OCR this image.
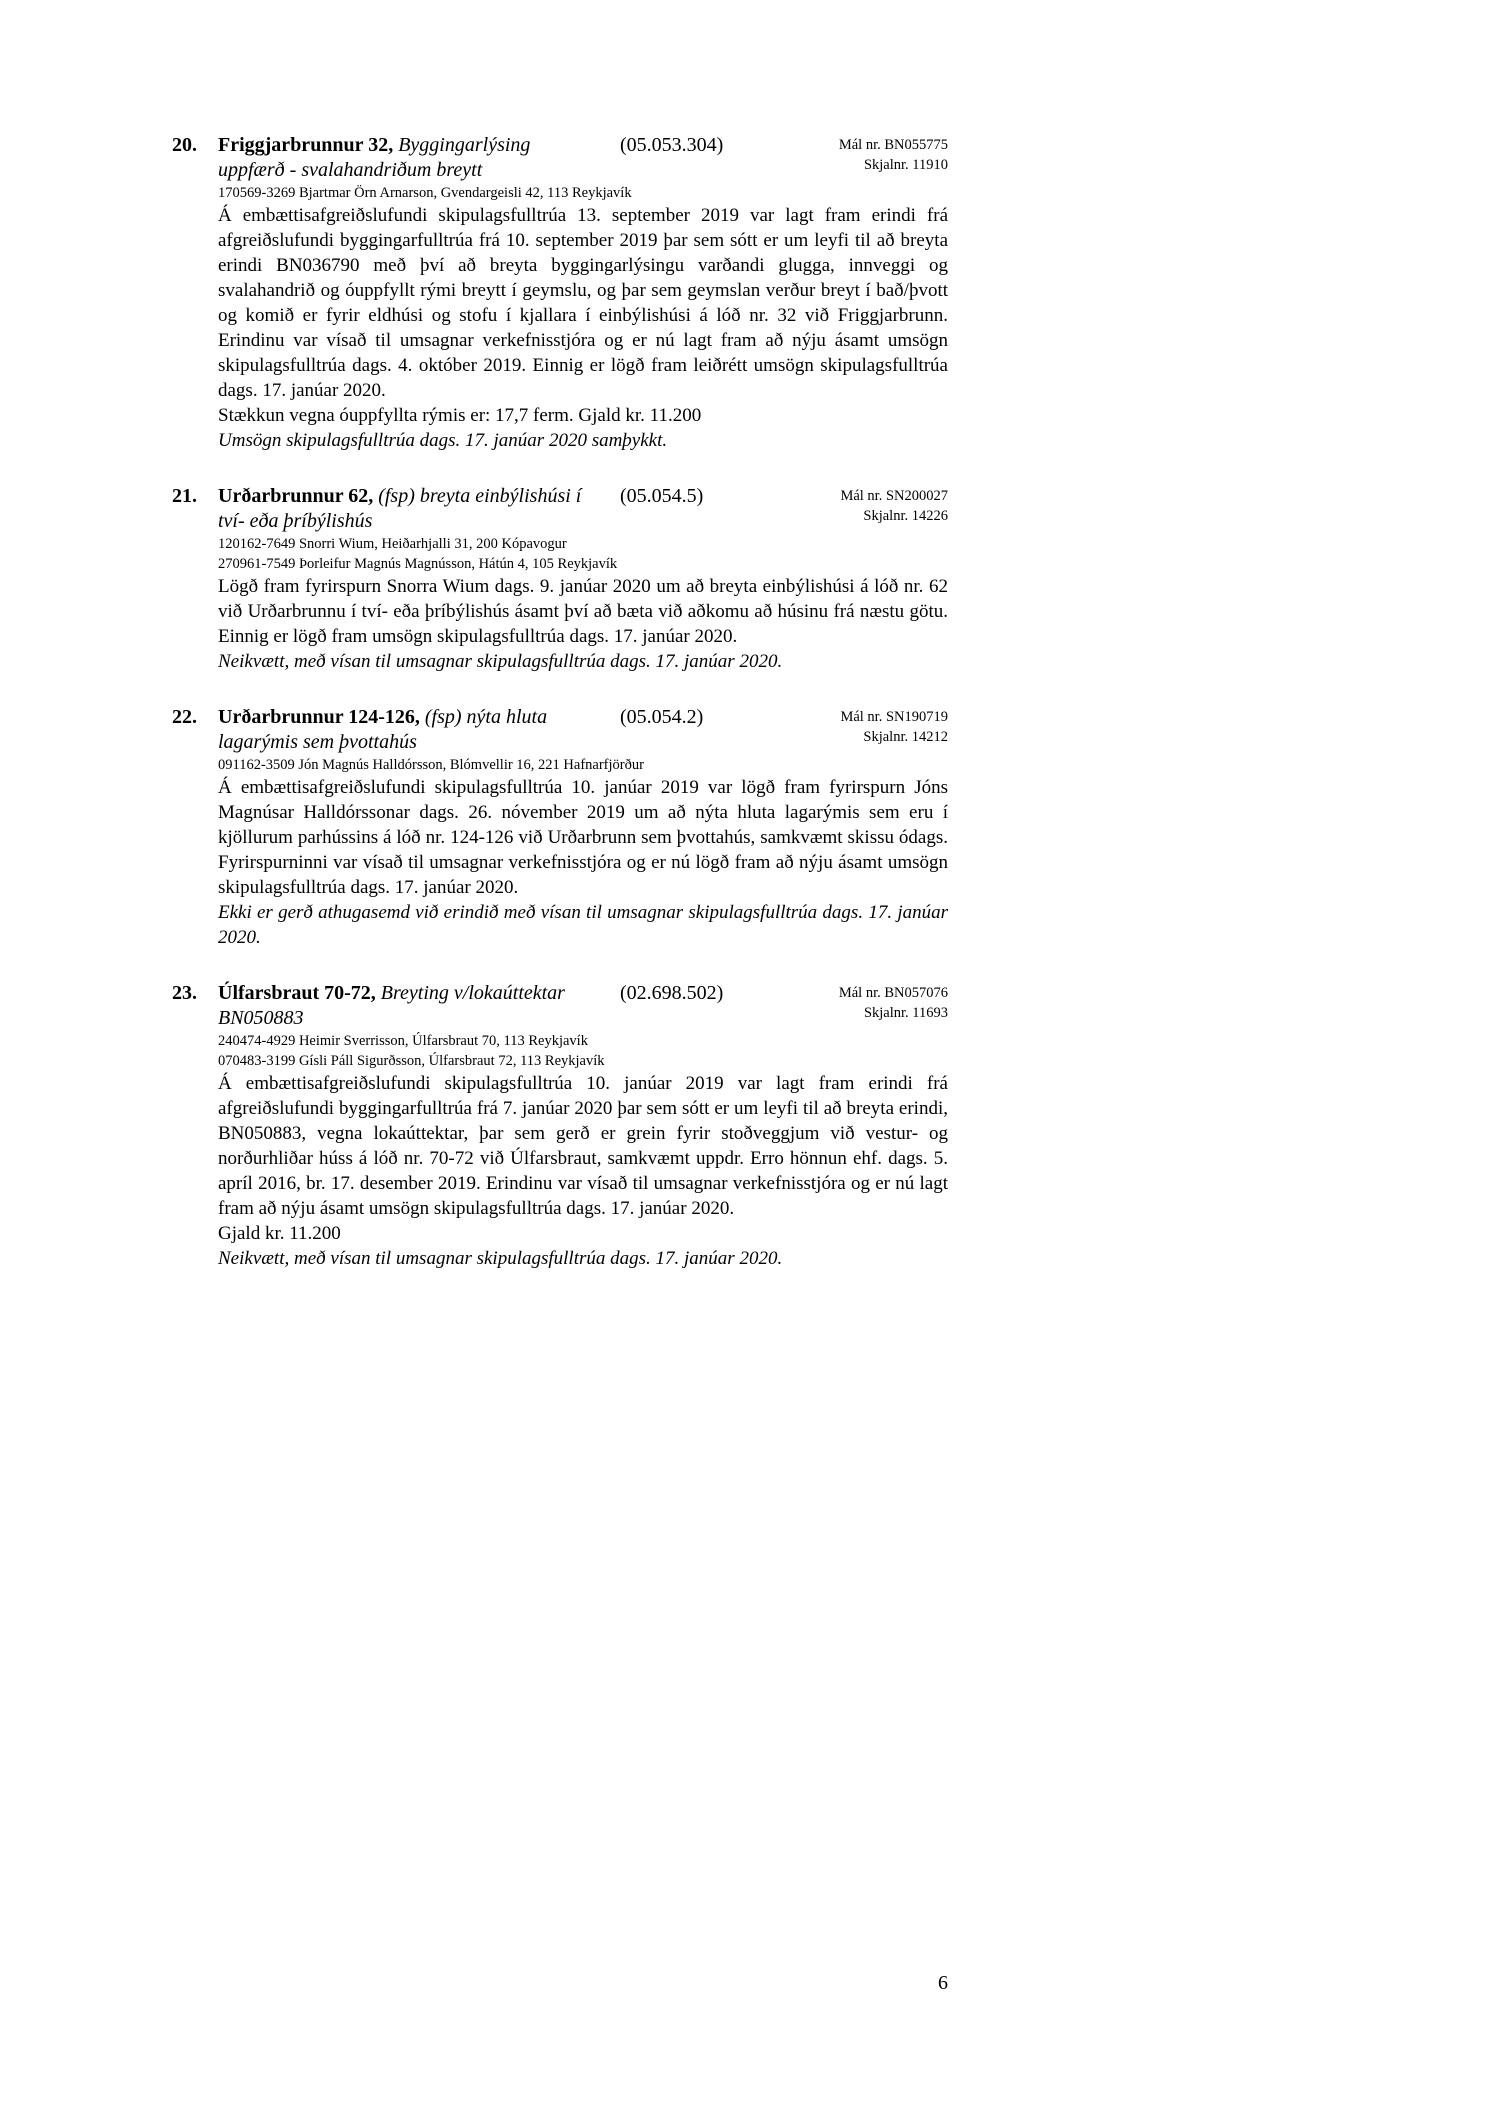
20.	Friggjarbrunnur 32, Byggingarlýsing
uppfærð - svalahandriðum breytt
(05.053.304)	Mál nr. BN055775
Skjalnr. 11910
170569-3269 Bjartmar Örn Arnarson, Gvendargeisli 42, 113 Reykjavík

Á embættisafgreiðslufundi skipulagsfulltrúa 13. september 2019 var lagt fram erindi frá afgreiðslufundi byggingarfulltrúa frá 10. september 2019 þar sem sótt er um leyfi til að breyta erindi BN036790 með því að breyta byggingarlýsingu varðandi glugga, innveggi og svalahandrið og óuppfyllt rými breytt í geymslu, og þar sem geymslan verður breyt í bað/þvott og komið er fyrir eldhúsi og stofu í kjallara í einbýlishúsi á lóð nr. 32 við Friggjarbrunn. Erindinu var vísað til umsagnar verkefnisstjóra og er nú lagt fram að nýju ásamt umsögn skipulagsfulltrúa dags. 4. október 2019. Einnig er lögð fram leiðrétt umsögn skipulagsfulltrúa dags. 17. janúar 2020.

Stækkun vegna óuppfyllta rýmis er: 17,7 ferm. Gjald kr. 11.200

Umsögn skipulagsfulltrúa dags. 17. janúar 2020 samþykkt.

21.	Urðarbrunnur 62, (fsp) breyta einbýlishúsi í
tví- eða þríbýlishús
(05.054.5)	Mál nr. SN200027
Skjalnr. 14226
120162-7649 Snorri Wium, Heiðarhjalli 31, 200 Kópavogur
270961-7549 Þorleifur Magnús Magnússon, Hátún 4, 105 Reykjavík

Lögð fram fyrirspurn Snorra Wium dags. 9. janúar 2020 um að breyta einbýlishúsi á lóð nr. 62 við Urðarbrunnu í tví- eða þríbýlishús ásamt því að bæta við aðkomu að húsinu frá næstu götu. Einnig er lögð fram umsögn skipulagsfulltrúa dags. 17. janúar 2020.

Neikvætt, með vísan til umsagnar skipulagsfulltrúa dags. 17. janúar 2020.

22.	Urðarbrunnur 124-126, (fsp) nýta hluta
lagarýmis sem þvottahús
(05.054.2)	Mál nr. SN190719
Skjalnr. 14212
091162-3509 Jón Magnús Halldórsson, Blómvellir 16, 221 Hafnarfjörður

Á embættisafgreiðslufundi skipulagsfulltrúa 10. janúar 2019 var lögð fram fyrirspurn Jóns Magnúsar Halldórssonar dags. 26. nóvember 2019 um að nýta hluta lagarýmis sem eru í kjöllurum parhússins á lóð nr. 124-126 við Urðarbrunn sem þvottahús, samkvæmt skissu ódags. Fyrirspurninni var vísað til umsagnar verkefnisstjóra og er nú lögð fram að nýju ásamt umsögn skipulagsfulltrúa dags. 17. janúar 2020.

Ekki er gerð athugasemd við erindið með vísan til umsagnar skipulagsfulltrúa dags. 17. janúar 2020.

23.	Úlfarsbraut 70-72, Breyting v/lokaúttektar
BN050883
(02.698.502)	Mál nr. BN057076
Skjalnr. 11693
240474-4929 Heimir Sverrisson, Úlfarsbraut 70, 113 Reykjavík
070483-3199 Gísli Páll Sigurðsson, Úlfarsbraut 72, 113 Reykjavík

Á embættisafgreiðslufundi skipulagsfulltrúa 10. janúar 2019 var lagt fram erindi frá afgreiðslufundi byggingarfulltrúa frá 7. janúar 2020 þar sem sótt er um leyfi til að breyta erindi, BN050883, vegna lokaúttektar, þar sem gerð er grein fyrir stoðveggjum við vestur- og norðurhliðar húss á lóð nr. 70-72 við Úlfarsbraut, samkvæmt uppdr. Erro hönnun ehf. dags. 5. apríl 2016, br. 17. desember 2019. Erindinu var vísað til umsagnar verkefnisstjóra og er nú lagt fram að nýju ásamt umsögn skipulagsfulltrúa dags. 17. janúar 2020.

Gjald kr. 11.200

Neikvætt, með vísan til umsagnar skipulagsfulltrúa dags. 17. janúar 2020.

6
